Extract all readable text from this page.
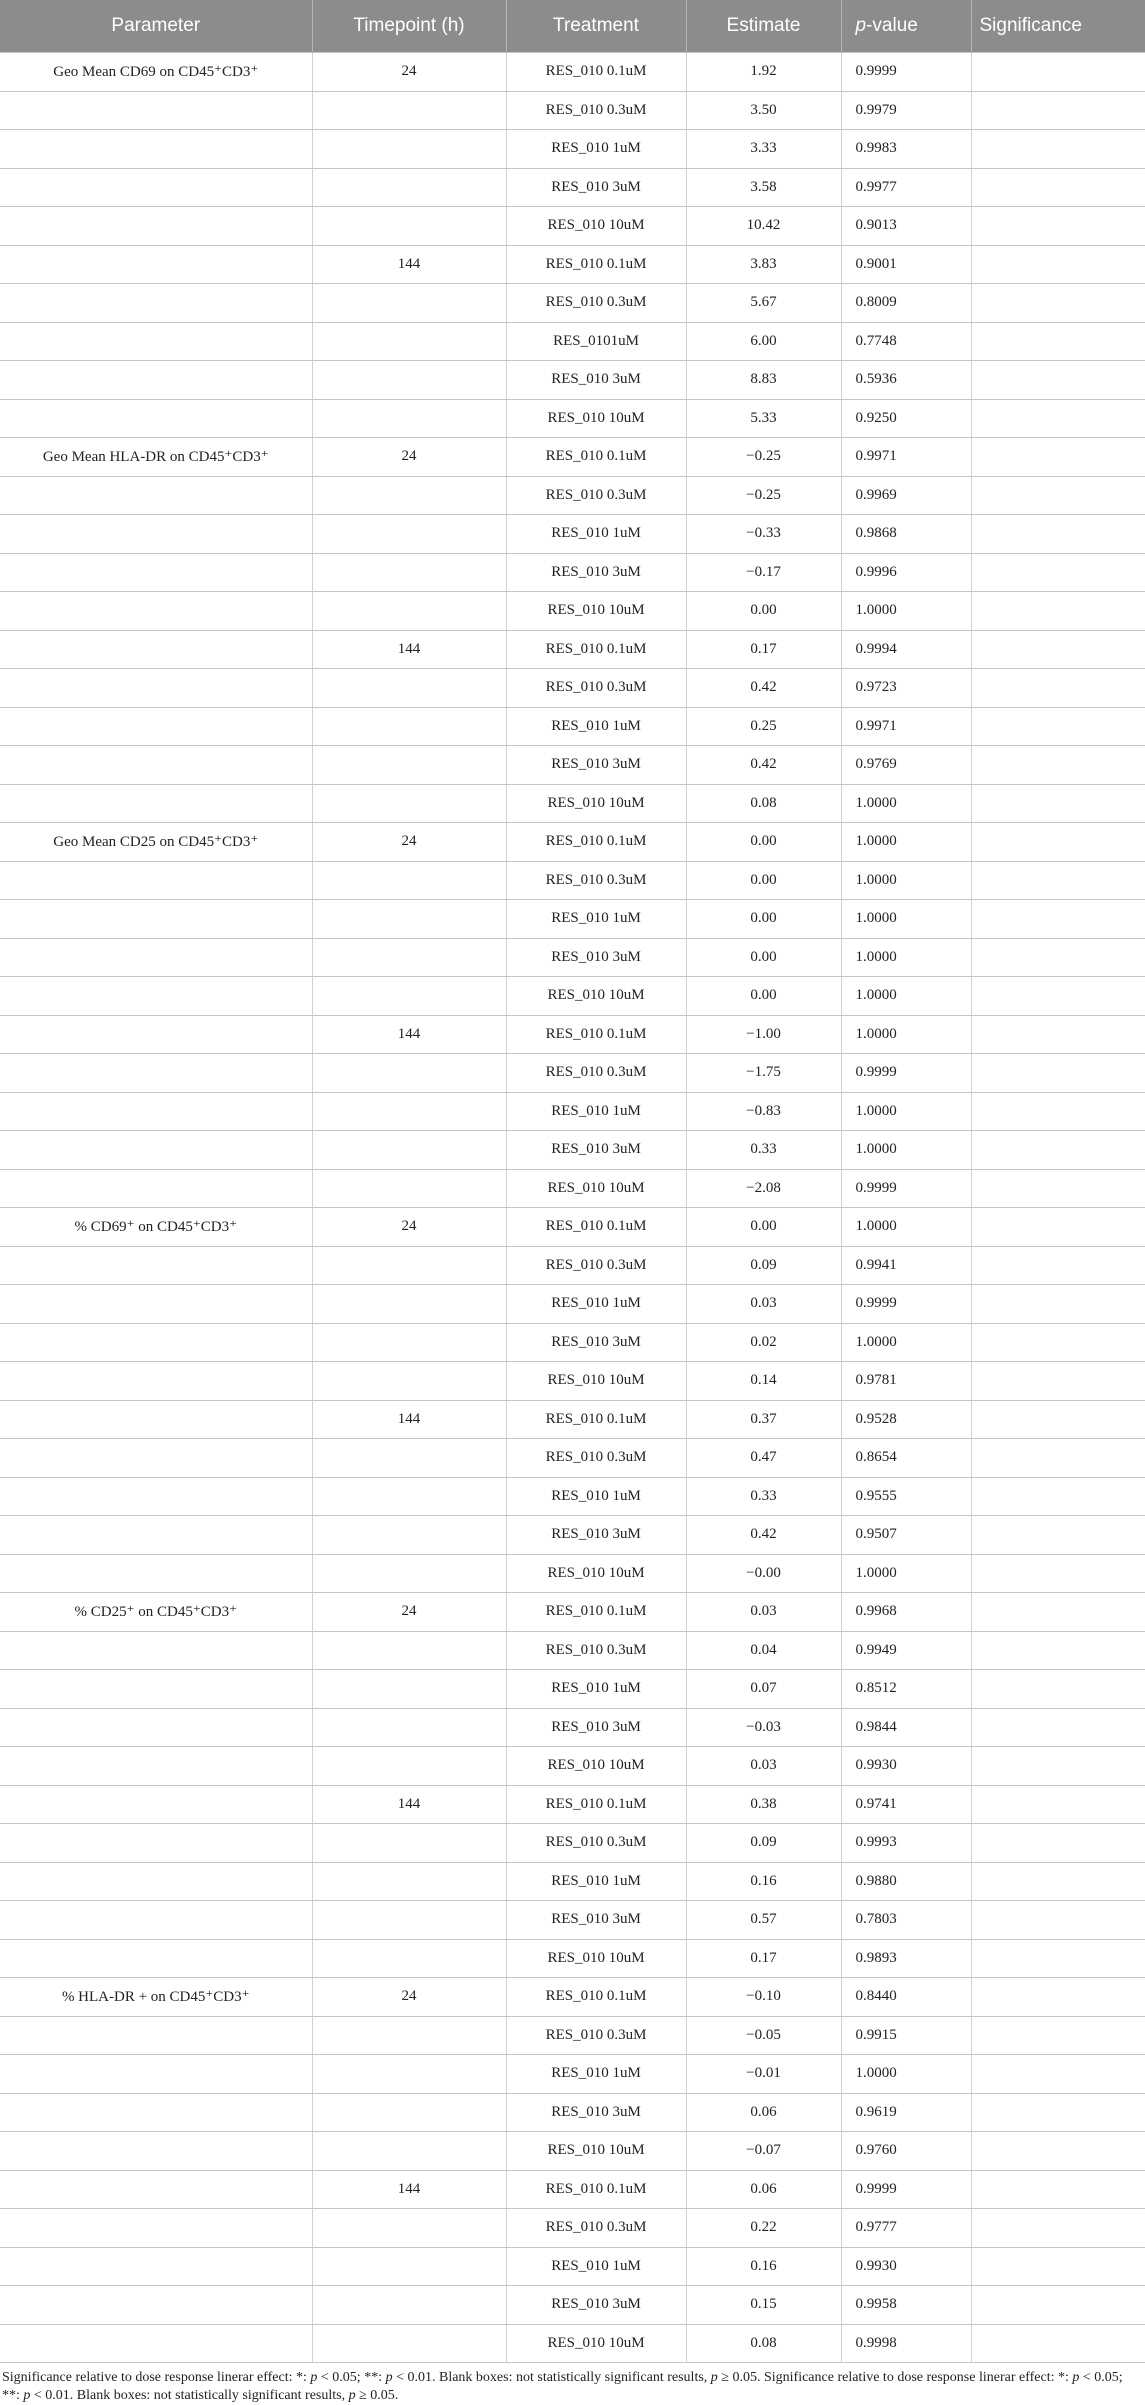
Parameter	Timepoint (h)	Treatment	Estimate	p-value	Significance
Geo Mean CD69 on CD45⁺CD3⁺	24	RES_010 0.1uM	1.92	0.9999	
		RES_010 0.3uM	3.50	0.9979	
		RES_010 1uM	3.33	0.9983	
		RES_010 3uM	3.58	0.9977	
		RES_010 10uM	10.42	0.9013	
	144	RES_010 0.1uM	3.83	0.9001	
		RES_010 0.3uM	5.67	0.8009	
		RES_0101uM	6.00	0.7748	
		RES_010 3uM	8.83	0.5936	
		RES_010 10uM	5.33	0.9250	
Geo Mean HLA-DR on CD45⁺CD3⁺	24	RES_010 0.1uM	−0.25	0.9971	
		RES_010 0.3uM	−0.25	0.9969	
		RES_010 1uM	−0.33	0.9868	
		RES_010 3uM	−0.17	0.9996	
		RES_010 10uM	0.00	1.0000	
	144	RES_010 0.1uM	0.17	0.9994	
		RES_010 0.3uM	0.42	0.9723	
		RES_010 1uM	0.25	0.9971	
		RES_010 3uM	0.42	0.9769	
		RES_010 10uM	0.08	1.0000	
Geo Mean CD25 on CD45⁺CD3⁺	24	RES_010 0.1uM	0.00	1.0000	
		RES_010 0.3uM	0.00	1.0000	
		RES_010 1uM	0.00	1.0000	
		RES_010 3uM	0.00	1.0000	
		RES_010 10uM	0.00	1.0000	
	144	RES_010 0.1uM	−1.00	1.0000	
		RES_010 0.3uM	−1.75	0.9999	
		RES_010 1uM	−0.83	1.0000	
		RES_010 3uM	0.33	1.0000	
		RES_010 10uM	−2.08	0.9999	
% CD69⁺ on CD45⁺CD3⁺	24	RES_010 0.1uM	0.00	1.0000	
		RES_010 0.3uM	0.09	0.9941	
		RES_010 1uM	0.03	0.9999	
		RES_010 3uM	0.02	1.0000	
		RES_010 10uM	0.14	0.9781	
	144	RES_010 0.1uM	0.37	0.9528	
		RES_010 0.3uM	0.47	0.8654	
		RES_010 1uM	0.33	0.9555	
		RES_010 3uM	0.42	0.9507	
		RES_010 10uM	−0.00	1.0000	
% CD25⁺ on CD45⁺CD3⁺	24	RES_010 0.1uM	0.03	0.9968	
		RES_010 0.3uM	0.04	0.9949	
		RES_010 1uM	0.07	0.8512	
		RES_010 3uM	−0.03	0.9844	
		RES_010 10uM	0.03	0.9930	
	144	RES_010 0.1uM	0.38	0.9741	
		RES_010 0.3uM	0.09	0.9993	
		RES_010 1uM	0.16	0.9880	
		RES_010 3uM	0.57	0.7803	
		RES_010 10uM	0.17	0.9893	
% HLA-DR + on CD45⁺CD3⁺	24	RES_010 0.1uM	−0.10	0.8440	
		RES_010 0.3uM	−0.05	0.9915	
		RES_010 1uM	−0.01	1.0000	
		RES_010 3uM	0.06	0.9619	
		RES_010 10uM	−0.07	0.9760	
	144	RES_010 0.1uM	0.06	0.9999	
		RES_010 0.3uM	0.22	0.9777	
		RES_010 1uM	0.16	0.9930	
		RES_010 3uM	0.15	0.9958	
		RES_010 10uM	0.08	0.9998	
Significance relative to dose response linerar effect: *: p < 0.05; **: p < 0.01. Blank boxes: not statistically significant results, p ≥ 0.05. Significance relative to dose response linerar effect: *: p < 0.05; **: p < 0.01. Blank boxes: not statistically significant results, p ≥ 0.05.
